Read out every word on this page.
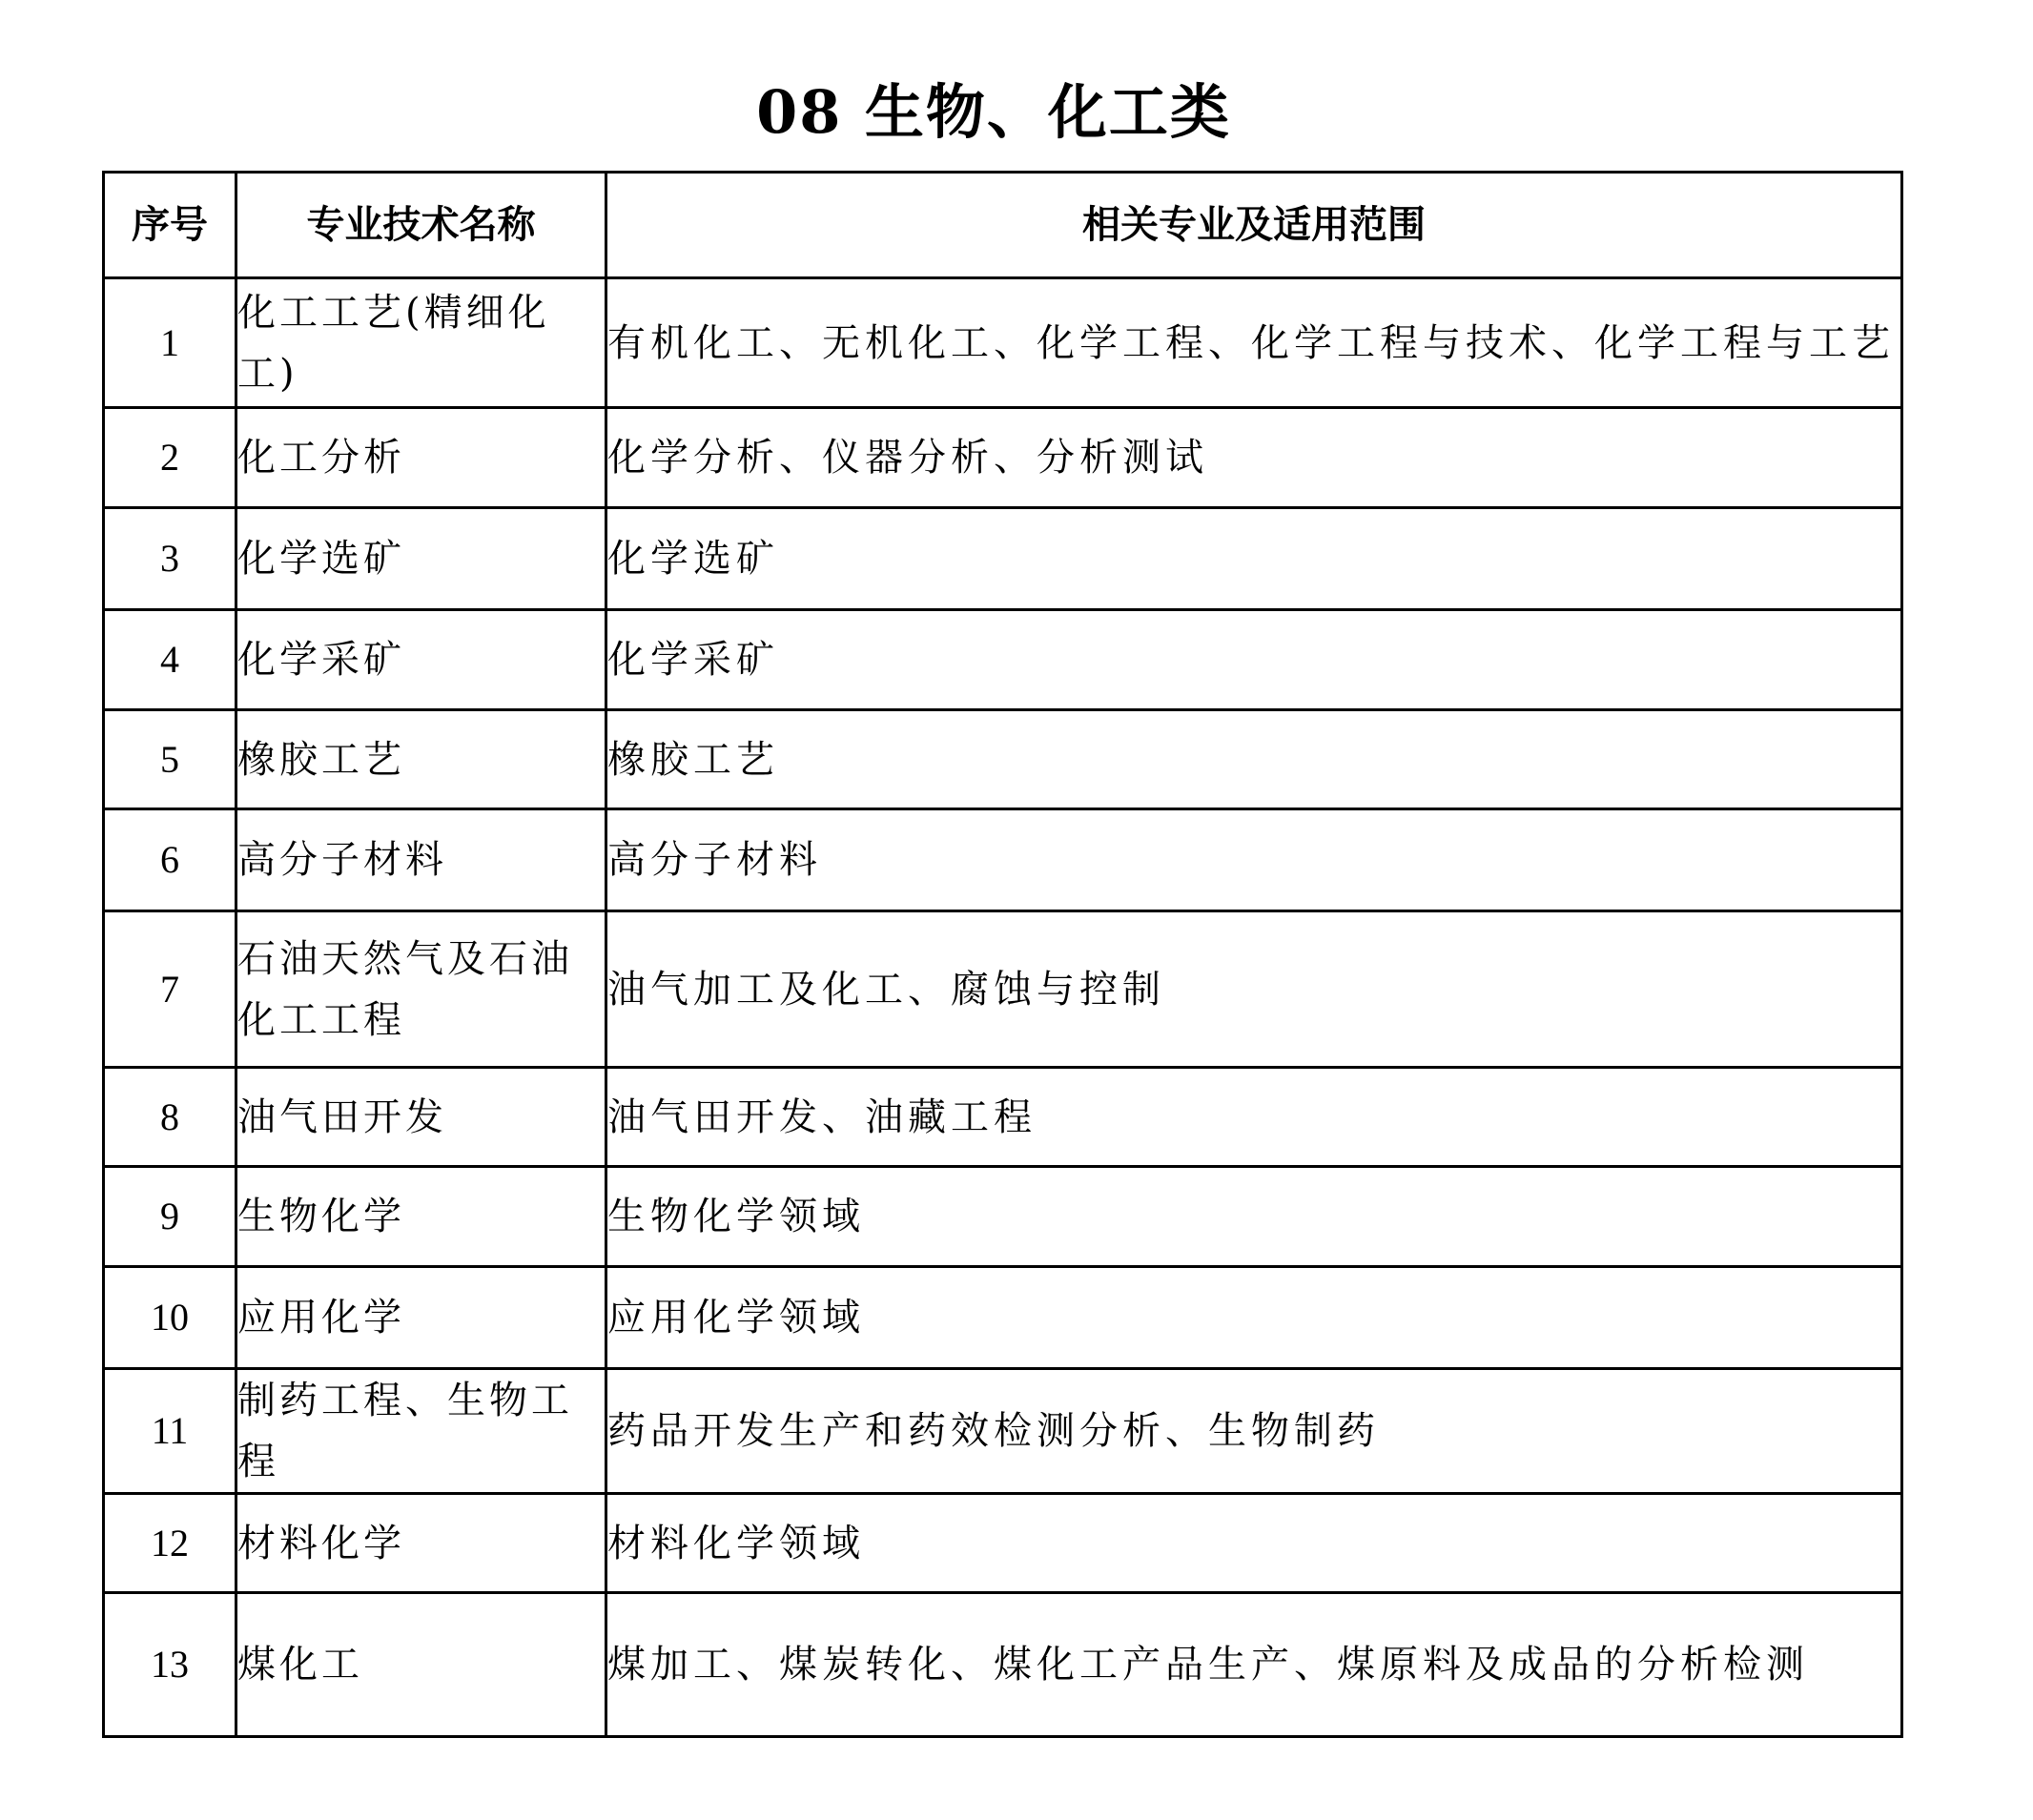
08 生物、化工类
序号	专业技术名称	相关专业及适用范围
1	化工工艺(精细化工)	有机化工、无机化工、化学工程、化学工程与技术、化学工程与工艺
2	化工分析	化学分析、仪器分析、分析测试
3	化学选矿	化学选矿
4	化学采矿	化学采矿
5	橡胶工艺	橡胶工艺
6	高分子材料	高分子材料
7	石油天然气及石油化工工程	油气加工及化工、腐蚀与控制
8	油气田开发	油气田开发、油藏工程
9	生物化学	生物化学领域
10	应用化学	应用化学领域
11	制药工程、生物工程	药品开发生产和药效检测分析、生物制药
12	材料化学	材料化学领域
13	煤化工	煤加工、煤炭转化、煤化工产品生产、煤原料及成品的分析检测
